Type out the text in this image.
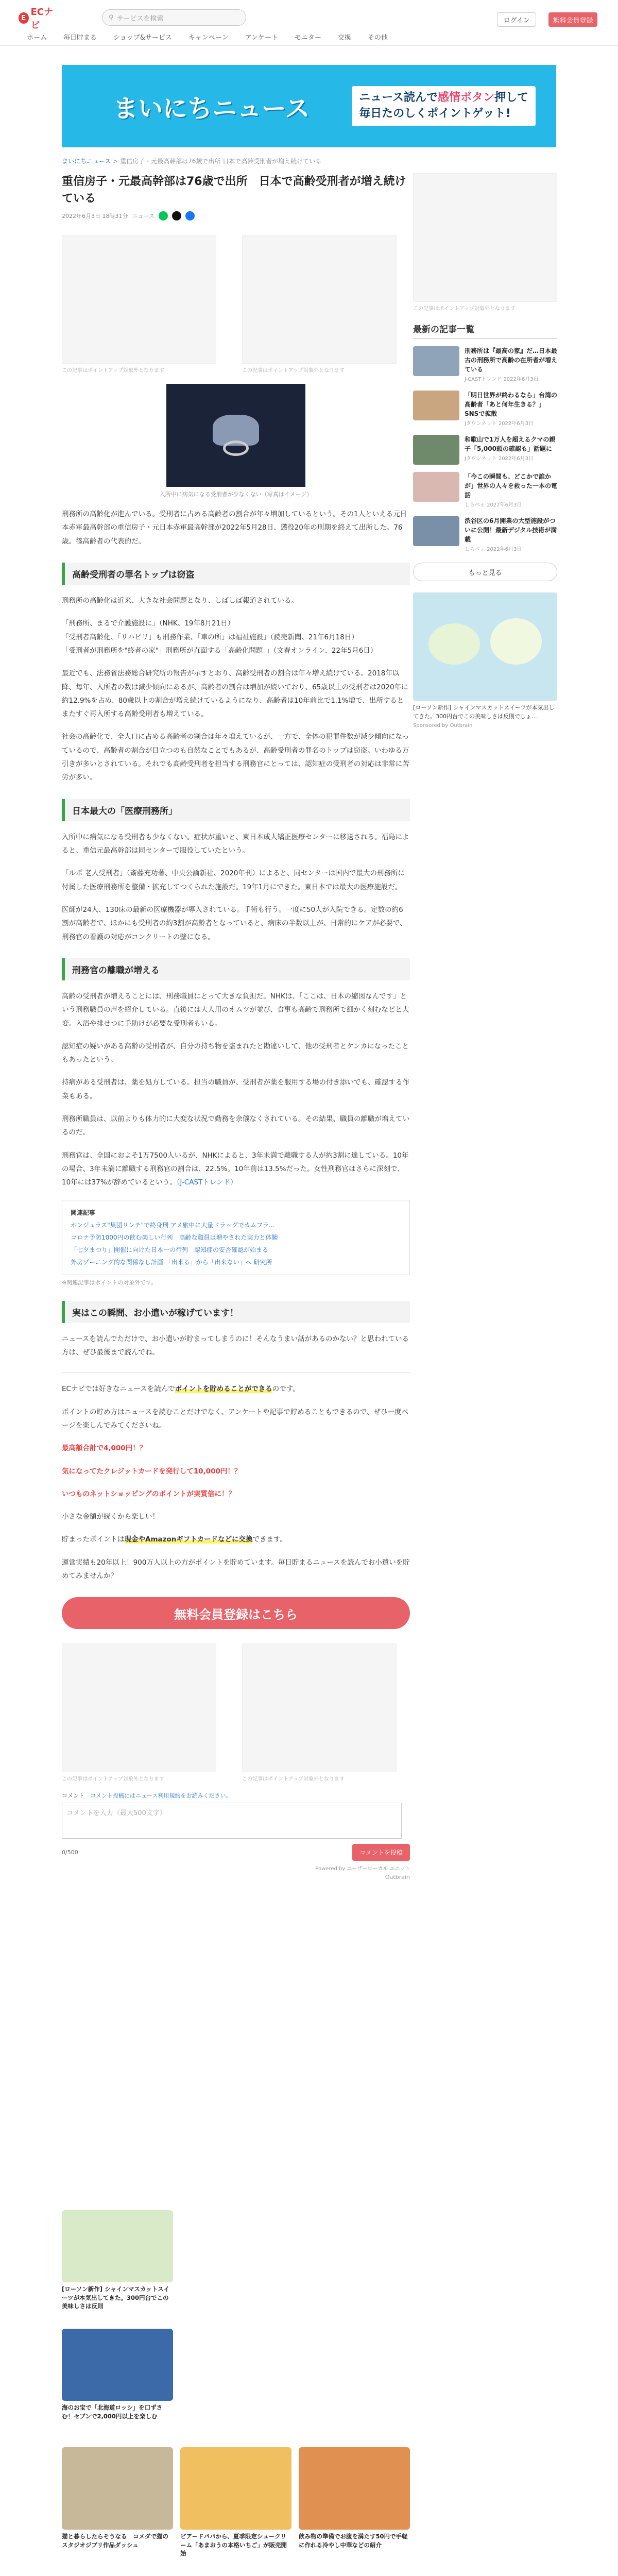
E
ECナビ
⚲ サービスを検索	ログイン	無料会員登録
ホーム	毎日貯まる	ショップ&サービス	キャンペーン	アンケート	モニター	交換	その他
まいにちニュース	ニュース読んで感情ボタン押して
毎日たのしくポイントゲット!
まいにちニュース > 重信房子・元最高幹部は76歳で出所 日本で高齢受刑者が増え続けている
重信房子・元最高幹部は76歳で出所　日本で高齢受刑者が増え続けている
2022年6月3日 18時31分 ニュース
この記事はポイントアップ対象外となります	この記事はポイントアップ対象外となります
入所中に病気になる受刑者が少なくない（写真はイメージ）

刑務所の高齢化が進んでいる。受刑者に占める高齢者の割合が年々増加しているという。その1人といえる元日本赤軍最高幹部の重信房子・元日本赤軍最高幹部が2022年5月28日、懲役20年の刑期を終えて出所した。76歳。篠高齢者の代表的だ。

高齢受刑者の罪名トップは窃盗

刑務所の高齢化は近来、大きな社会問題となり、しばしば報道されている。

「刑務所、まるで介護施設に」（NHK、19年8月21日）
「受刑者高齢化、「リハビリ」も刑務作業、「車の所」は福祉施設」（読売新聞、21年6月18日）
「受刑者が刑務所を"終者の家"」刑務所が直面する「高齢化問題」」（文春オンライン、22年5月6日）

最近でも、法務省法務総合研究所の報告が示すとおり、高齢受刑者の割合は年々増え続けている。2018年以降、毎年、入所者の数は減少傾向にあるが、高齢者の割合は増加が続いており、65歳以上の受刑者は2020年に約12.9%を占め、80歳以上の割合が増え続けているようになり、高齢者は10年前比で1.1%増で、出所するとまたすぐ再入所する高齢受刑者も増えている。

社会の高齢化で、全人口に占める高齢者の割合は年々増えているが、一方で、全体の犯罪件数が減少傾向になっているので、高齢者の割合が目立つのも自然なことでもあるが、高齢受刑者の罪名のトップは窃盗。いわゆる万引きが多いとされている。それでも高齢受刑者を担当する刑務官にとっては、認知症の受刑者の対応は非常に苦労が多い。

日本最大の「医療刑務所」

入所中に病気になる受刑者も少なくない。症状が重いと、東日本成人矯正医療センターに移送される。福島によると、重信元最高幹部は同センターで服役していたという。

「ルポ 老人受刑者」（斎藤充功著、中央公論新社、2020年刊）によると、同センターは国内で最大の刑務所に付属した医療刑務所を整備・拡充してつくられた施設だ。19年1月にできた。東日本では最大の医療施設だ。

医師が24人、130床の最新の医療機器が導入されている。手術も行う。一度に50人が入院できる。定数の約6割が高齢者で、ほかにも受刑者の約3割が高齢者となっていると、病床の半数以上が、日常的にケアが必要で、刑務官の看護の対応がコンクリートの壁になる。

刑務官の離職が増える

高齢の受刑者が増えることには、刑務職員にとって大きな負担だ。NHKは、「ここは、日本の縮図なんです」という刑務職員の声を紹介している。直後には大人用のオムツが並び、食事も高齢で刑務所で細かく刻むなどと大変。入浴や排せつに手助けが必要な受刑者もいる。

認知症の疑いがある高齢の受刑者が、自分の持ち物を盗まれたと勘違いして、他の受刑者とケンカになったこともあったという。

持病がある受刑者は、薬を処方している。担当の職員が、受刑者が薬を服用する場の付き添いでも、確認する作業もある。

刑務所職員は、以前よりも体力的に大変な状況で勤務を余儀なくされている。その結果、職員の離職が増えているのだ。

刑務官は、全国におよそ1万7500人いるが、NHKによると、3年未満で離職する人が約3割に達している。10年の場合、3年未満に離職する刑務官の割合は、22.5%。10年前は13.5%だった。女性刑務官はさらに深刻で、10年には37%が辞めているという。（J-CASTトレンド）

関連記事
ホンジュラス"集団リンチ"で終身刑 アメ旅中に大量ドラッグでカムフラ...
コロナ予防1000円の飲む楽しい行列　高齢な職員は増やされた実力と体験
「七夕まつり」開催に向けた日本一の行列　認知症の安否確認が始まる
外房ゾーニング的な関係なし計画 「出来る」から「出来ない」へ 研究所
※関連記事はポイントの対象外です。
実はこの瞬間、お小遣いが稼げています！

ニュースを読んでただけで、お小遣いが貯まってしまうのに！そんなうまい話があるのかない？と思われている方は、ぜひ最後まで読んでね。

ECナビでは好きなニュースを読んでポイントを貯めることができるのです。

ポイントの貯め方はニュースを読むことだけでなく、アンケートや記事で貯めることもできるので、ぜひ一度ページを楽しんでみてくださいね。

最高額合計で4,000円！？

気になってたクレジットカードを発行して10,000円！？

いつものネットショッピングのポイントが実質倍に！？

小さな金額が続くから楽しい！

貯まったポイントは現金やAmazonギフトカードなどに交換できます。

運営実績も20年以上！900万人以上の方がポイントを貯めています。毎日貯まるニュースを読んでお小遣いを貯めてみませんか？

無料会員登録はこちら
この記事はポイントアップ対象外となります	この記事はポイントアップ対象外となります
コメント　 コメント投稿にはニュース利用規約をお読みください。
コメントを入力（最大500文字）
0/500	コメントを投稿
Powered by ユーザーローカル ユニット
Outbrain
この記事はポイントアップ対象外となります
最新の記事一覧
刑務所は『最高の家』だ…日本最古の刑務所で高齢の在所者が増えている
J-CASTトレンド 2022年6月3日
「明日世界が終わるなら」台湾の高齢者「あと何年生きる？」SNSで拡散
Jタウンネット 2022年6月3日
和歌山で1万人を超えるクマの親子「5,000頭の確認も」話題に
Jタウンネット 2022年6月3日
「今この瞬間も、どこかで誰かが」世界の人々を救った一本の電話
しらべぇ 2022年6月3日
渋谷区の6月開業の大型施設がついに公開！最新デジタル技術が満載
しらべぇ 2022年6月3日
もっと見る
[ローソン新作] シャインマスカットスイーツが本気出してきた。300円台でこの美味しさは反則でしょ...
Sponsored by Outbrain
[ローソン新作] シャインマスカットスイーツが本気出してきた。300円台でこの美味しさは反則
海のお宝で「北海道ロッシ」を口ずさむ！セブンで2,000円以上を楽しむ
猫と暮らしたらそうなる　コメダで猫のスタジオジブリ作品ダッシュ
ビアードパパから、夏季限定シュークリーム「あまおうの本格いちご」が販売開始
飲み物の準備でお腹を満たす50円で手軽に作れる冷やし中華などの紹介
